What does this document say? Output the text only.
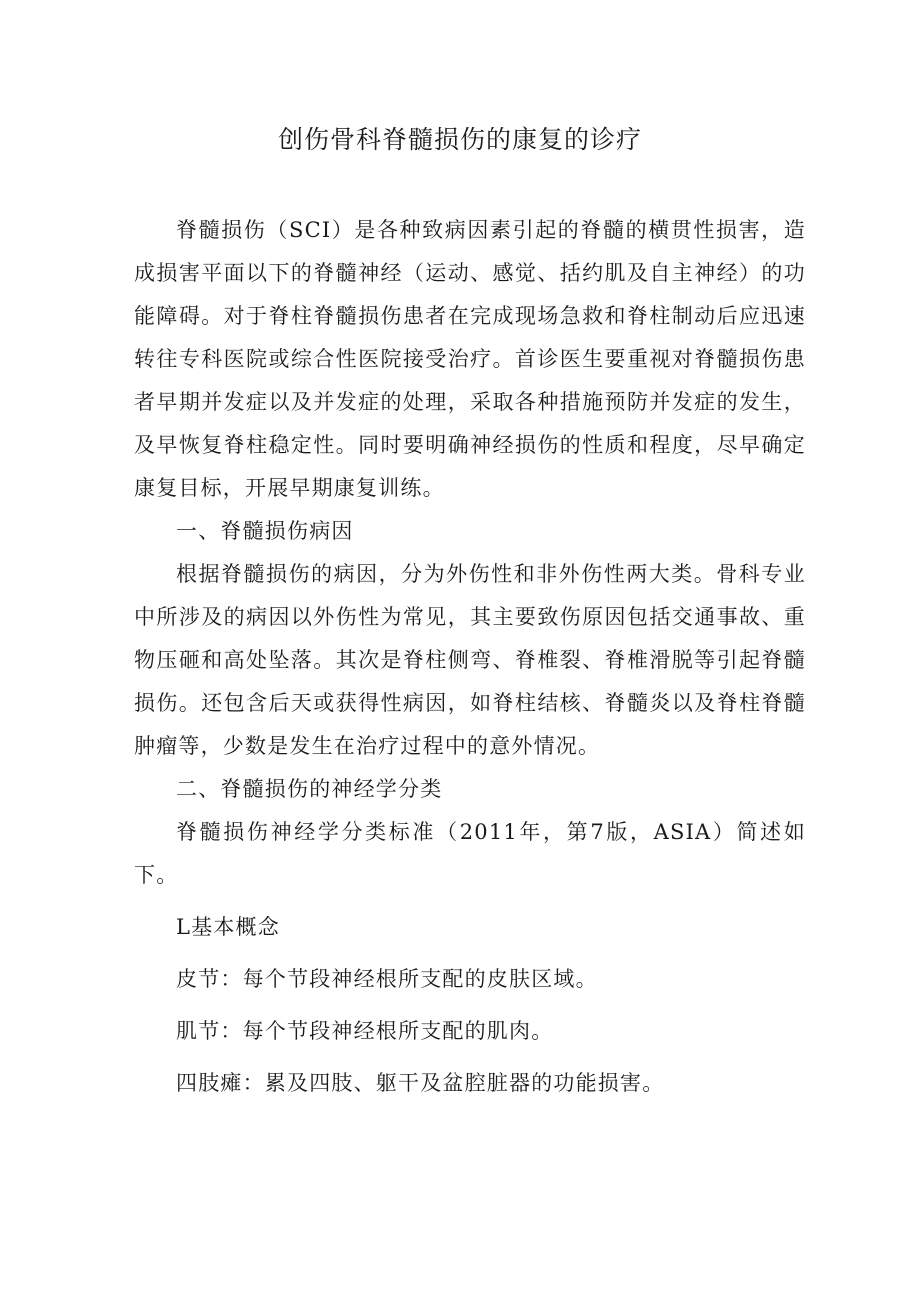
创伤骨科脊髓损伤的康复的诊疗

脊髓损伤（SCI）是各种致病因素引起的脊髓的横贯性损害，造成损害平面以下的脊髓神经（运动、感觉、括约肌及自主神经）的功能障碍。对于脊柱脊髓损伤患者在完成现场急救和脊柱制动后应迅速转往专科医院或综合性医院接受治疗。首诊医生要重视对脊髓损伤患者早期并发症以及并发症的处理，采取各种措施预防并发症的发生，及早恢复脊柱稳定性。同时要明确神经损伤的性质和程度，尽早确定康复目标，开展早期康复训练。

一、脊髓损伤病因

根据脊髓损伤的病因，分为外伤性和非外伤性两大类。骨科专业中所涉及的病因以外伤性为常见，其主要致伤原因包括交通事故、重物压砸和高处坠落。其次是脊柱侧弯、脊椎裂、脊椎滑脱等引起脊髓损伤。还包含后天或获得性病因，如脊柱结核、脊髓炎以及脊柱脊髓肿瘤等，少数是发生在治疗过程中的意外情况。

二、脊髓损伤的神经学分类

脊髓损伤神经学分类标准（2011年，第7版，ASIA）简述如下。

L基本概念

皮节：每个节段神经根所支配的皮肤区域。

肌节：每个节段神经根所支配的肌肉。

四肢瘫：累及四肢、躯干及盆腔脏器的功能损害。
